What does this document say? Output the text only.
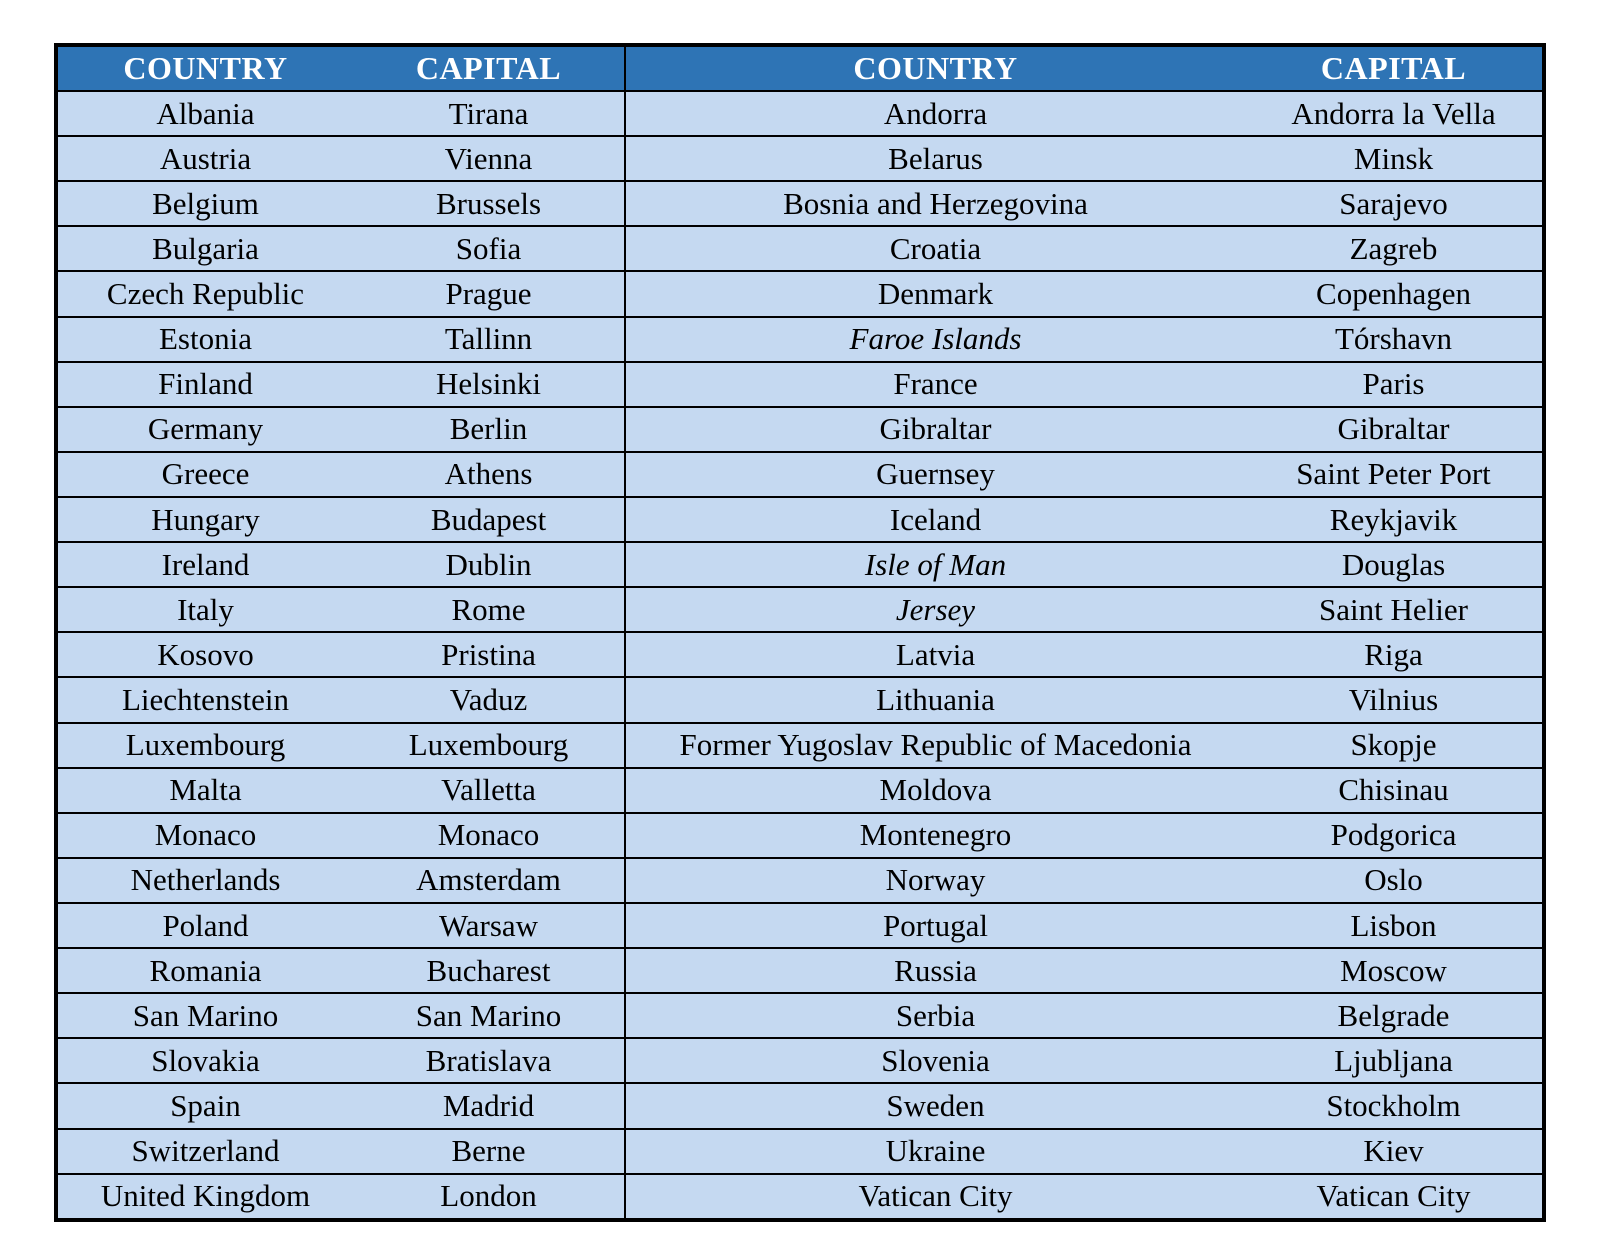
COUNTRY	CAPITAL	COUNTRY	CAPITAL
Albania	Tirana	Andorra	Andorra la Vella
Austria	Vienna	Belarus	Minsk
Belgium	Brussels	Bosnia and Herzegovina	Sarajevo
Bulgaria	Sofia	Croatia	Zagreb
Czech Republic	Prague	Denmark	Copenhagen
Estonia	Tallinn	Faroe Islands	Tórshavn
Finland	Helsinki	France	Paris
Germany	Berlin	Gibraltar	Gibraltar
Greece	Athens	Guernsey	Saint Peter Port
Hungary	Budapest	Iceland	Reykjavik
Ireland	Dublin	Isle of Man	Douglas
Italy	Rome	Jersey	Saint Helier
Kosovo	Pristina	Latvia	Riga
Liechtenstein	Vaduz	Lithuania	Vilnius
Luxembourg	Luxembourg	Former Yugoslav Republic of Macedonia	Skopje
Malta	Valletta	Moldova	Chisinau
Monaco	Monaco	Montenegro	Podgorica
Netherlands	Amsterdam	Norway	Oslo
Poland	Warsaw	Portugal	Lisbon
Romania	Bucharest	Russia	Moscow
San Marino	San Marino	Serbia	Belgrade
Slovakia	Bratislava	Slovenia	Ljubljana
Spain	Madrid	Sweden	Stockholm
Switzerland	Berne	Ukraine	Kiev
United Kingdom	London	Vatican City	Vatican City
